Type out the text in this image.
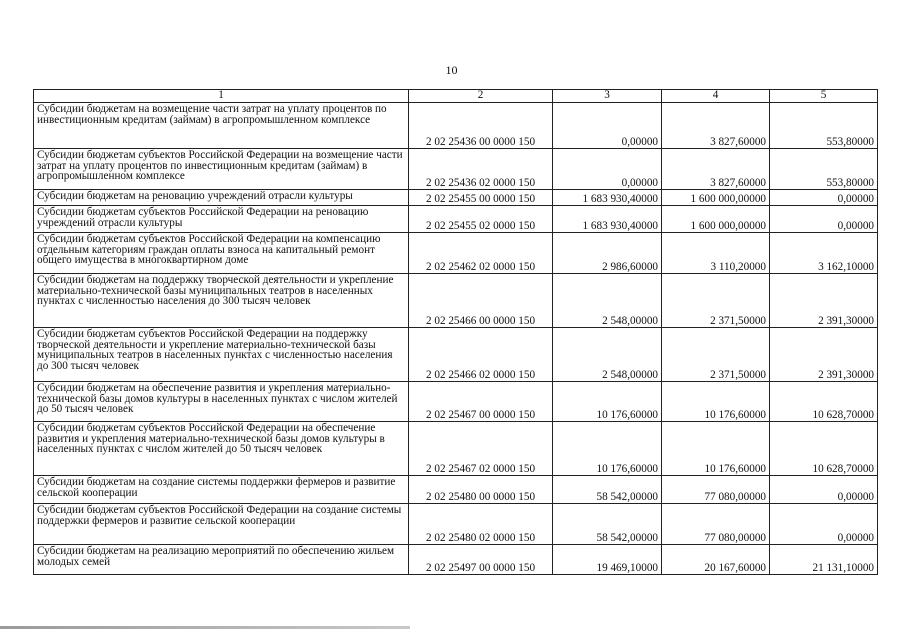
10
1	2	3	4	5
Субсидии бюджетам на возмещение части затрат на уплату процентов по инвестиционным кредитам (займам) в агропромышленном комплексе	2 02 25436 00 0000 150	0,00000	3 827,60000	553,80000
Субсидии бюджетам субъектов Российской Федерации на возмещение части затрат на уплату процентов по инвестиционным кредитам (займам) в агропромышленном комплексе	2 02 25436 02 0000 150	0,00000	3 827,60000	553,80000
Субсидии бюджетам на реновацию учреждений отрасли культуры	2 02 25455 00 0000 150	1 683 930,40000	1 600 000,00000	0,00000
Субсидии бюджетам субъектов Российской Федерации на реновацию учреждений отрасли культуры	2 02 25455 02 0000 150	1 683 930,40000	1 600 000,00000	0,00000
Субсидии бюджетам субъектов Российской Федерации на компенсацию отдельным категориям граждан оплаты взноса на капитальный ремонт общего имущества в многоквартирном доме	2 02 25462 02 0000 150	2 986,60000	3 110,20000	3 162,10000
Субсидии бюджетам на поддержку творческой деятельности и укрепление материально-технической базы муниципальных театров в населенных пунктах с численностью населения до 300 тысяч человек	2 02 25466 00 0000 150	2 548,00000	2 371,50000	2 391,30000
Субсидии бюджетам субъектов Российской Федерации на поддержку творческой деятельности и укрепление материально-технической базы муниципальных театров в населенных пунктах с численностью населения до 300 тысяч человек	2 02 25466 02 0000 150	2 548,00000	2 371,50000	2 391,30000
Субсидии бюджетам на обеспечение развития и укрепления материально-технической базы домов культуры в населенных пунктах с числом жителей до 50 тысяч человек	2 02 25467 00 0000 150	10 176,60000	10 176,60000	10 628,70000
Субсидии бюджетам субъектов Российской Федерации на обеспечение развития и укрепления материально-технической базы домов культуры в населенных пунктах с числом жителей до 50 тысяч человек	2 02 25467 02 0000 150	10 176,60000	10 176,60000	10 628,70000
Субсидии бюджетам на создание системы поддержки фермеров и развитие сельской кооперации	2 02 25480 00 0000 150	58 542,00000	77 080,00000	0,00000
Субсидии бюджетам субъектов Российской Федерации на создание системы поддержки фермеров и развитие сельской кооперации	2 02 25480 02 0000 150	58 542,00000	77 080,00000	0,00000
Субсидии бюджетам на реализацию мероприятий по обеспечению жильем молодых семей	2 02 25497 00 0000 150	19 469,10000	20 167,60000	21 131,10000
